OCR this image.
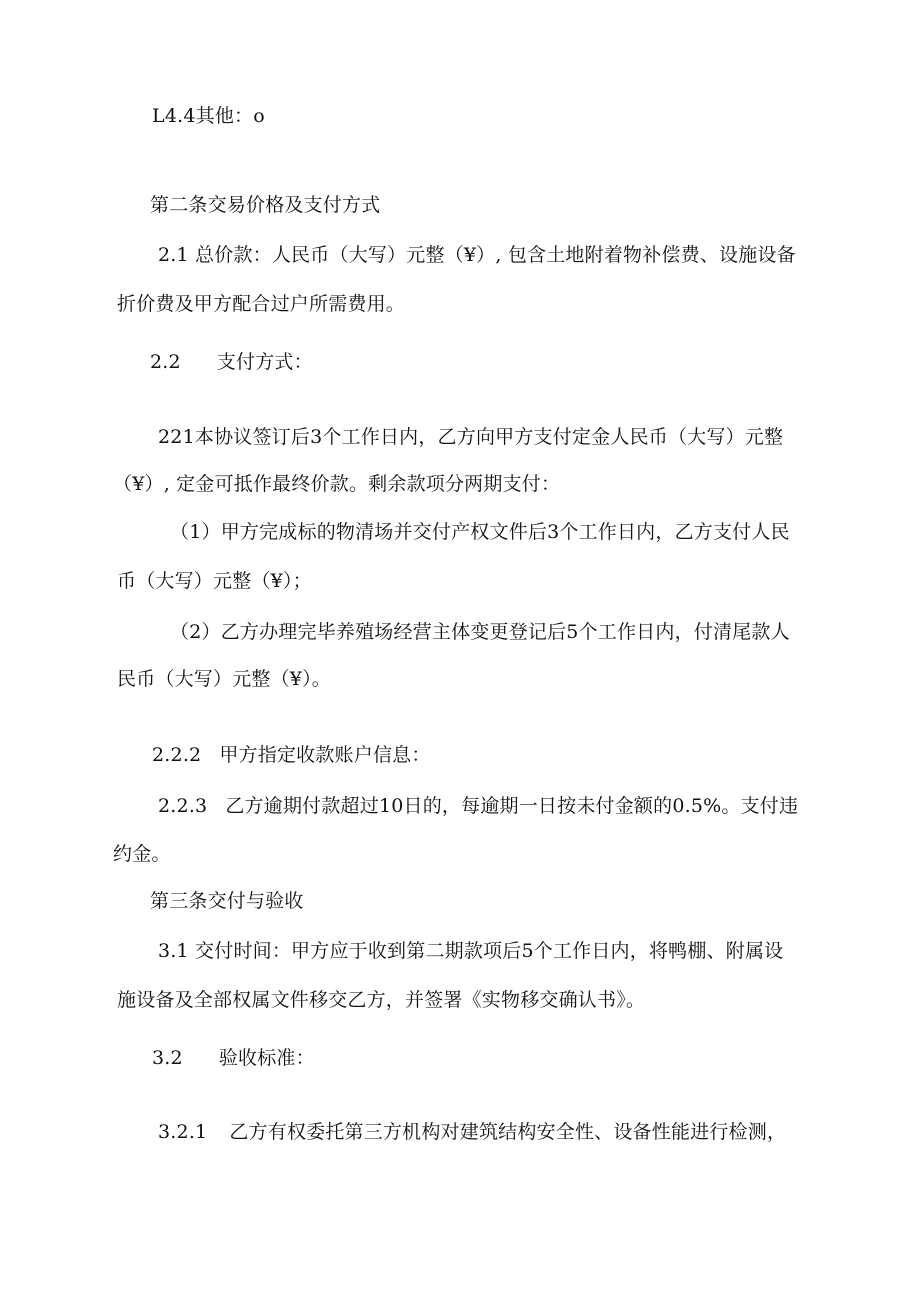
L4.4其他：o
第二条交易价格及支付方式
2.1 总价款：人民币（大写）元整（¥）, 包含土地附着物补偿费、设施设备
折价费及甲方配合过户所需费用。
2.2 支付方式：
221本协议签订后3个工作日内，乙方向甲方支付定金人民币（大写）元整
（¥）, 定金可抵作最终价款。剩余款项分两期支付：
（1）甲方完成标的物清场并交付产权文件后3个工作日内，乙方支付人民
币（大写）元整（¥）；
（2）乙方办理完毕养殖场经营主体变更登记后5个工作日内，付清尾款人
民币（大写）元整（¥）。
2.2.2 甲方指定收款账户信息：
2.2.3 乙方逾期付款超过10日的，每逾期一日按未付金额的0.5%。支付违
约金。
第三条交付与验收
3.1 交付时间：甲方应于收到第二期款项后5个工作日内，将鸭棚、附属设
施设备及全部权属文件移交乙方，并签署《实物移交确认书》。
3.2 验收标准：
3.2.1 乙方有权委托第三方机构对建筑结构安全性、设备性能进行检测，
